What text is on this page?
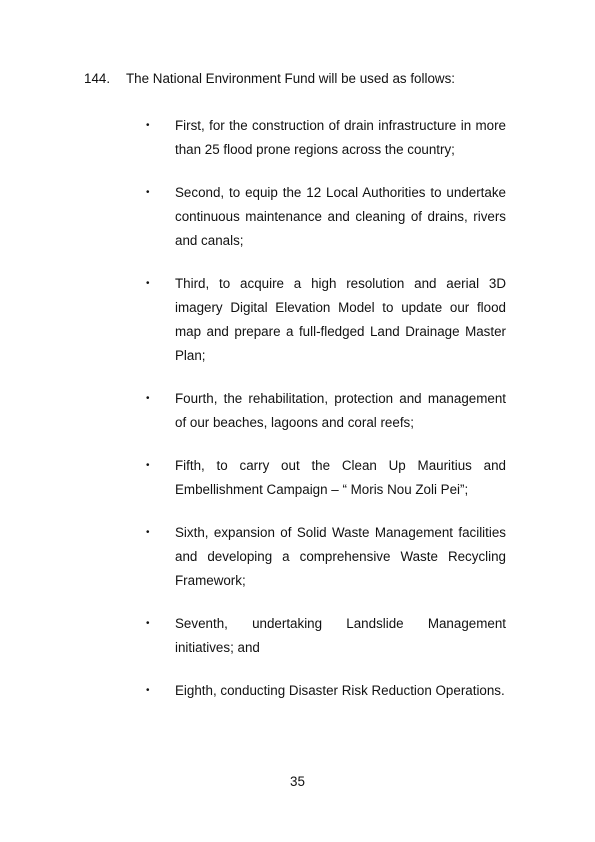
144. The National Environment Fund will be used as follows:
• First, for the construction of drain infrastructure in more than 25 flood prone regions across the country;
• Second, to equip the 12 Local Authorities to undertake continuous maintenance and cleaning of drains, rivers and canals;
• Third, to acquire a high resolution and aerial 3D imagery Digital Elevation Model to update our flood map and prepare a full-fledged Land Drainage Master Plan;
• Fourth, the rehabilitation, protection and management of our beaches, lagoons and coral reefs;
• Fifth, to carry out the Clean Up Mauritius and Embellishment Campaign – “ Moris Nou Zoli Pei”;
• Sixth, expansion of Solid Waste Management facilities and developing a comprehensive Waste Recycling Framework;
• Seventh, undertaking Landslide Management initiatives; and
• Eighth, conducting Disaster Risk Reduction Operations.
35
